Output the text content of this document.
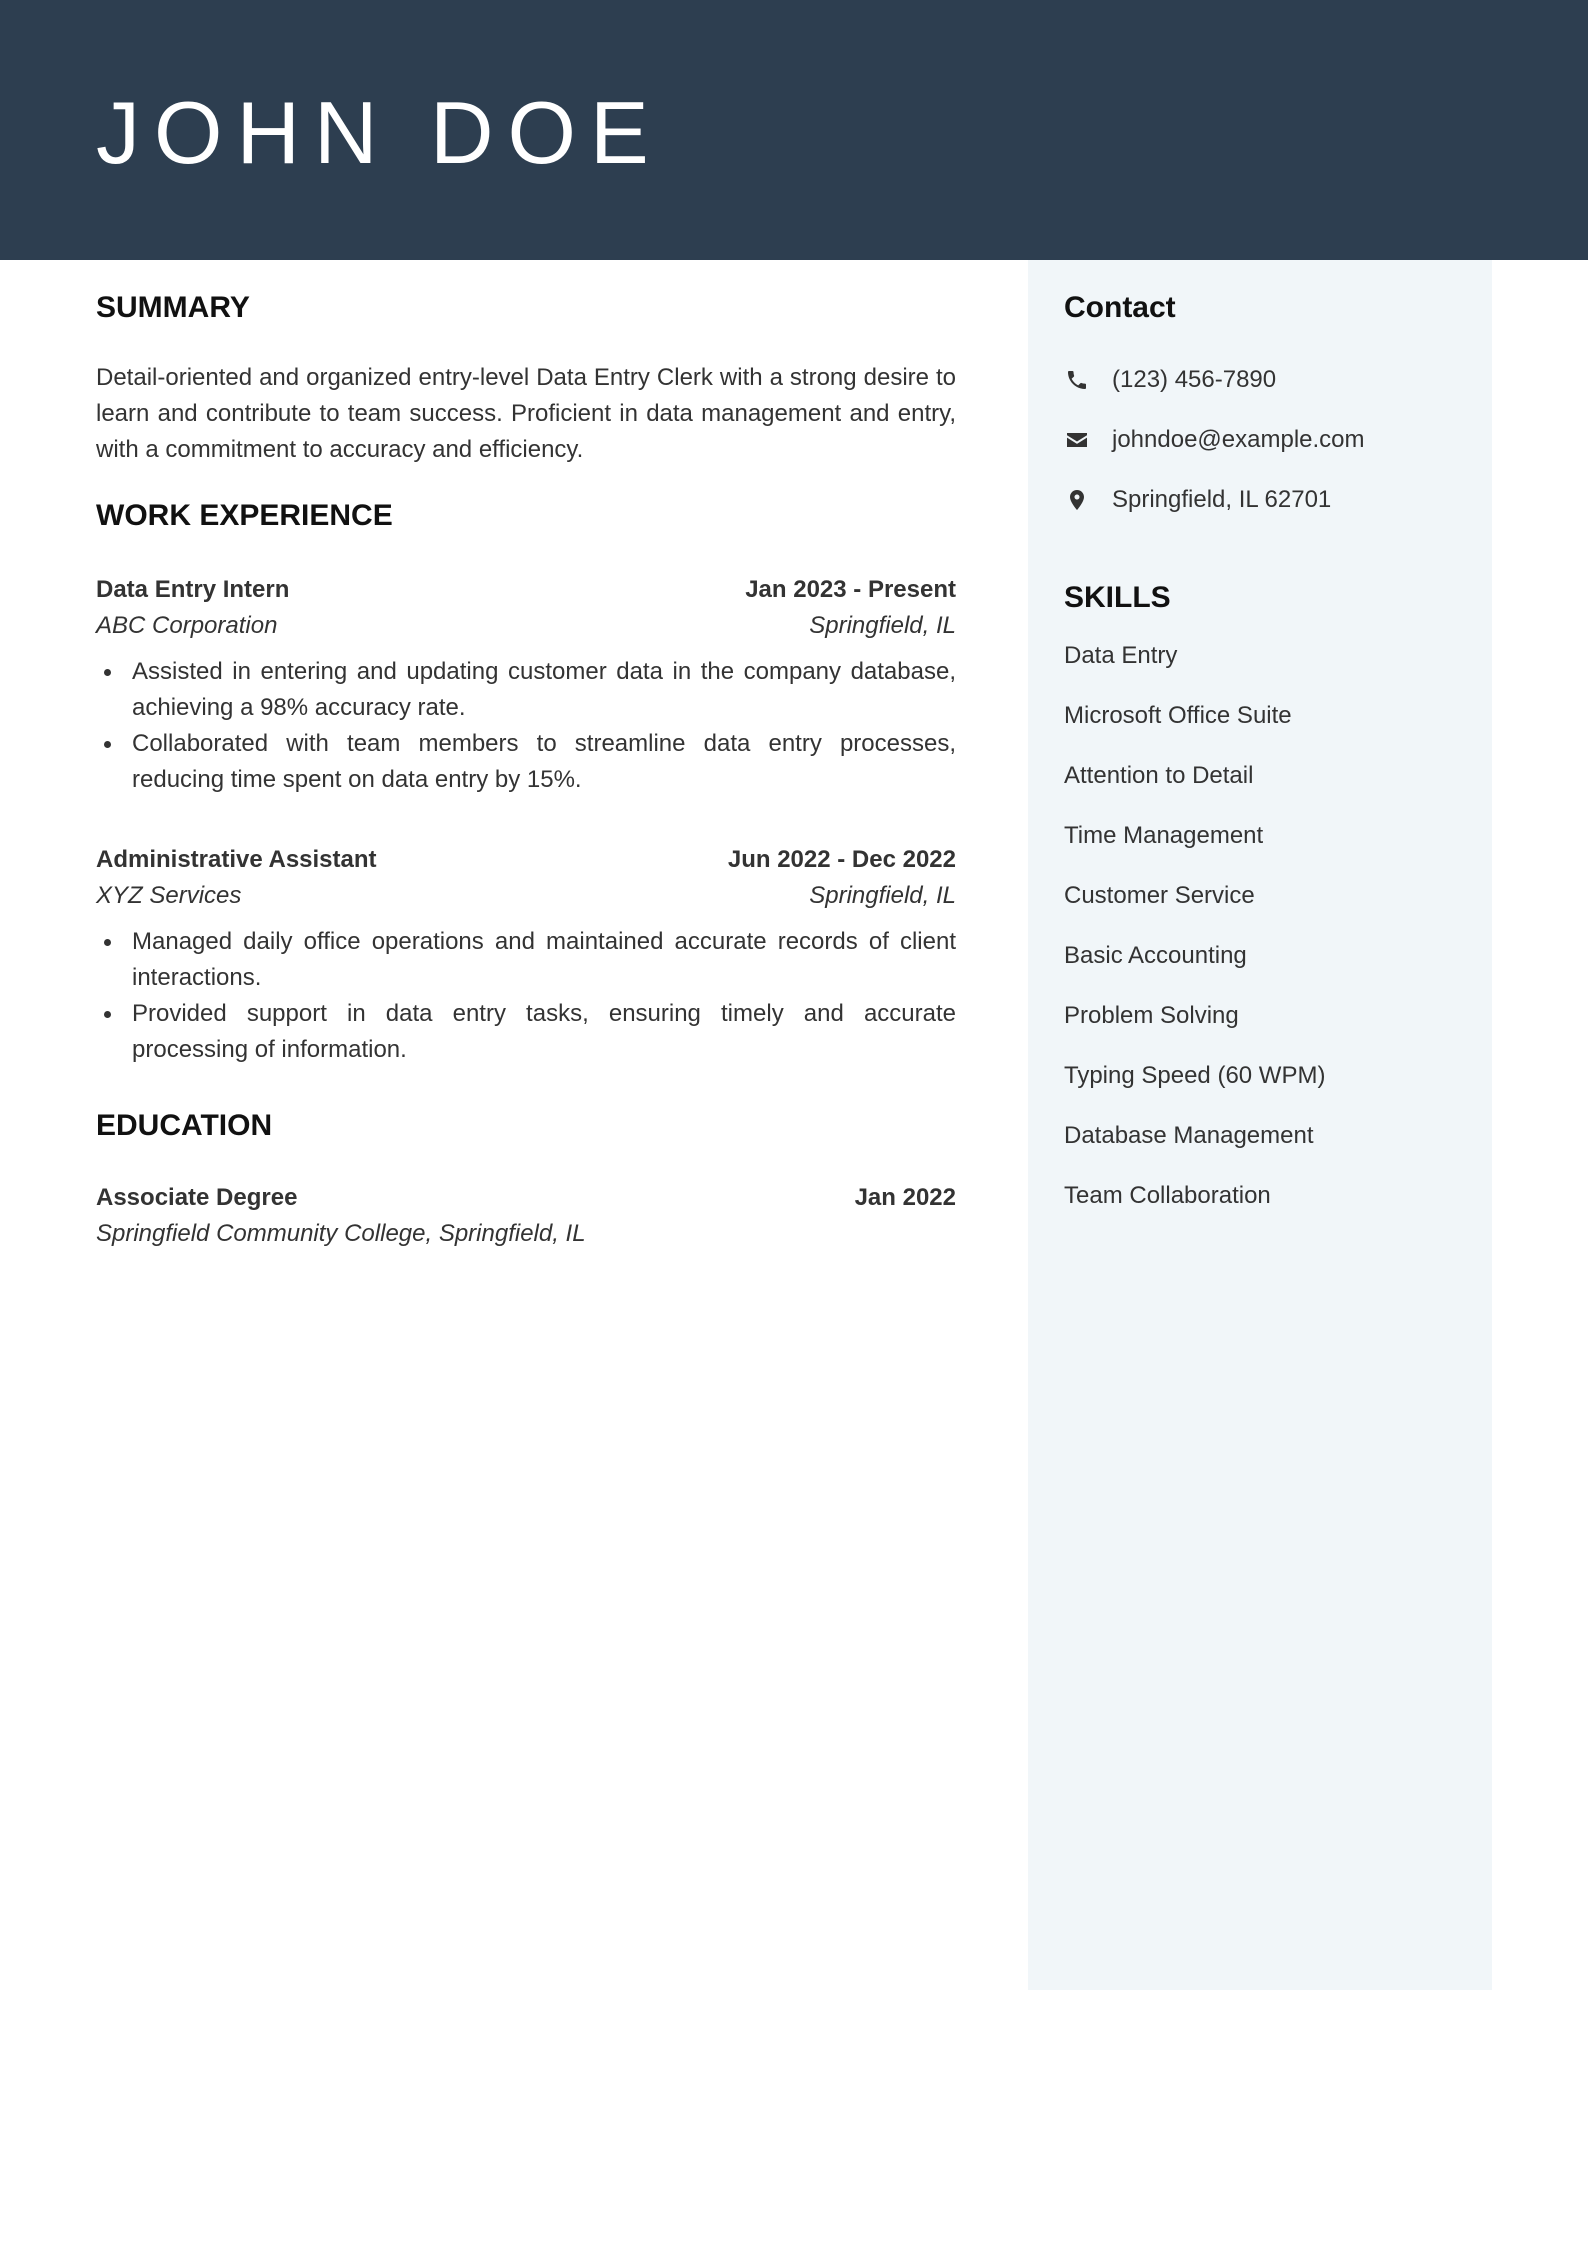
JOHN DOE
SUMMARY

Detail-oriented and organized entry-level Data Entry Clerk with a strong desire to learn and contribute to team success. Proficient in data management and entry, with a commitment to accuracy and efficiency.

WORK EXPERIENCE
Data Entry Intern	Jan 2023 - Present
ABC Corporation	Springfield, IL
Assisted in entering and updating customer data in the company database, achieving a 98% accuracy rate.
Collaborated with team members to streamline data entry processes, reducing time spent on data entry by 15%.
Administrative Assistant	Jun 2022 - Dec 2022
XYZ Services	Springfield, IL
Managed daily office operations and maintained accurate records of client interactions.
Provided support in data entry tasks, ensuring timely and accurate processing of information.
EDUCATION
Associate Degree	Jan 2022
Springfield Community College, Springfield, IL
Contact
(123) 456-7890
johndoe@example.com
Springfield, IL 62701
SKILLS
Data Entry
Microsoft Office Suite
Attention to Detail
Time Management
Customer Service
Basic Accounting
Problem Solving
Typing Speed (60 WPM)
Database Management
Team Collaboration
